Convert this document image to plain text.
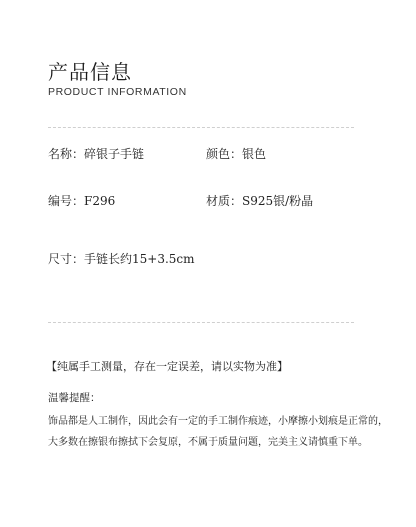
产品信息
PRODUCT INFORMATION
名称：碎银子手链	颜色：银色
编号：F296	材质：S925银/粉晶
尺寸：手链长约15+3.5cm
【纯属手工测量，存在一定误差，请以实物为准】
温馨提醒：
饰品都是人工制作，因此会有一定的手工制作痕迹，小摩擦小划痕是正常的，
大多数在擦银布擦拭下会复原，不属于质量问题，完美主义请慎重下单。
